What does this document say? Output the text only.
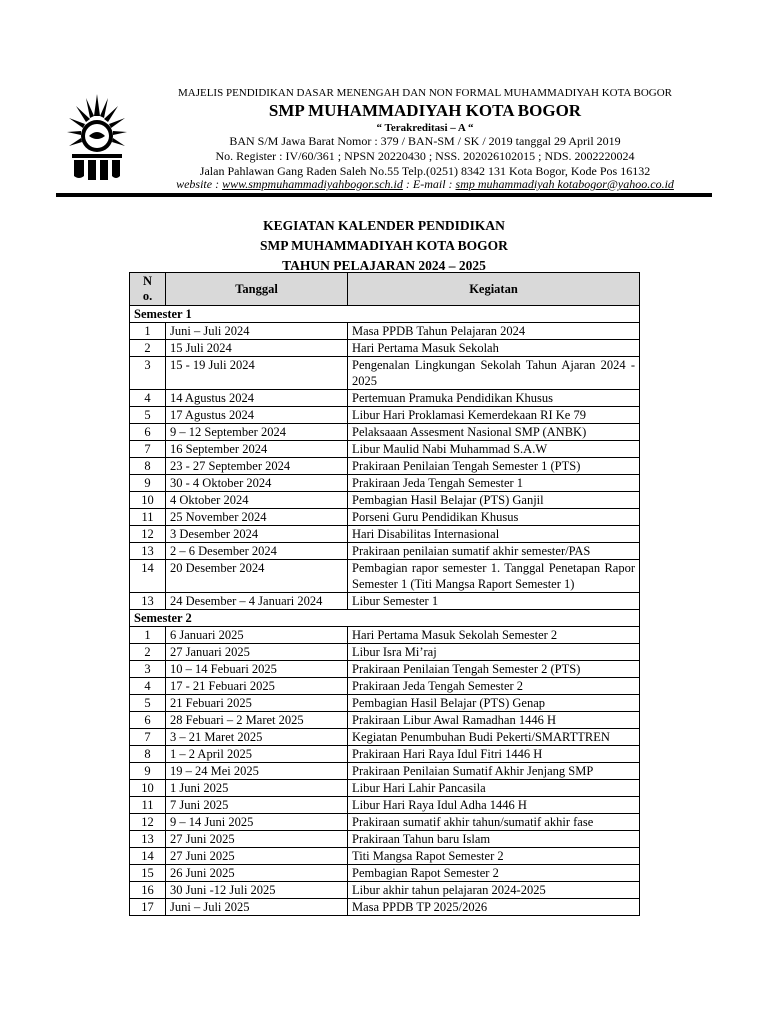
MAJELIS PENDIDIKAN DASAR MENENGAH DAN NON FORMAL MUHAMMADIYAH KOTA BOGOR
SMP MUHAMMADIYAH KOTA BOGOR
“ Terakreditasi – A “
BAN S/M Jawa Barat Nomor : 379 / BAN-SM / SK / 2019 tanggal 29 April 2019
No. Register : IV/60/361 ; NPSN 20220430 ; NSS. 202026102015 ; NDS. 2002220024
Jalan Pahlawan Gang Raden Saleh No.55 Telp.(0251) 8342 131 Kota Bogor, Kode Pos 16132
website : www.smpmuhammadiyahbogor.sch.id : E-mail : smp muhammadiyah kotabogor@yahoo.co.id
KEGIATAN KALENDER PENDIDIKAN
SMP MUHAMMADIYAH KOTA BOGOR
TAHUN PELAJARAN 2024 – 2025
N
o.	Tanggal	Kegiatan
Semester 1		
1	Juni – Juli 2024	Masa PPDB Tahun Pelajaran 2024
2	15 Juli 2024	Hari Pertama Masuk Sekolah
3	15 - 19 Juli 2024	Pengenalan Lingkungan Sekolah Tahun Ajaran 2024 - 2025
4	14 Agustus 2024	Pertemuan Pramuka Pendidikan Khusus
5	17 Agustus 2024	Libur Hari Proklamasi Kemerdekaan RI Ke 79
6	9 – 12 September 2024	Pelaksaaan Assesment Nasional SMP (ANBK)
7	16 September 2024	Libur Maulid Nabi Muhammad S.A.W
8	23 - 27 September 2024	Prakiraan Penilaian Tengah Semester 1 (PTS)
9	30 - 4 Oktober 2024	Prakiraan Jeda Tengah Semester 1
10	4 Oktober 2024	Pembagian Hasil Belajar (PTS) Ganjil
11	25 November 2024	Porseni Guru Pendidikan Khusus
12	3 Desember 2024	Hari Disabilitas Internasional
13	2 – 6 Desember 2024	Prakiraan penilaian sumatif akhir semester/PAS
14	20 Desember 2024	Pembagian rapor semester 1. Tanggal Penetapan Rapor Semester 1 (Titi Mangsa Raport Semester 1)
13	24 Desember – 4 Januari 2024	Libur Semester 1
Semester 2		
1	6 Januari 2025	Hari Pertama Masuk Sekolah Semester 2
2	27 Januari 2025	Libur Isra Mi’raj
3	10 – 14 Febuari 2025	Prakiraan Penilaian Tengah Semester 2 (PTS)
4	17 - 21 Febuari 2025	Prakiraan Jeda Tengah Semester 2
5	21 Febuari 2025	Pembagian Hasil Belajar (PTS) Genap
6	28 Febuari – 2 Maret 2025	Prakiraan Libur Awal Ramadhan 1446 H
7	3 – 21 Maret 2025	Kegiatan Penumbuhan Budi Pekerti/SMARTTREN
8	1 – 2 April 2025	Prakiraan Hari Raya Idul Fitri 1446 H
9	19 – 24 Mei 2025	Prakiraan Penilaian Sumatif Akhir Jenjang SMP
10	1 Juni 2025	Libur Hari Lahir Pancasila
11	7 Juni 2025	Libur Hari Raya Idul Adha 1446 H
12	9 – 14 Juni 2025	Prakiraan sumatif akhir tahun/sumatif akhir fase
13	27 Juni 2025	Prakiraan Tahun baru Islam
14	27 Juni 2025	Titi Mangsa Rapot Semester 2
15	26 Juni 2025	Pembagian Rapot Semester 2
16	30 Juni -12 Juli 2025	Libur akhir tahun pelajaran 2024-2025
17	Juni – Juli 2025	Masa PPDB TP 2025/2026
